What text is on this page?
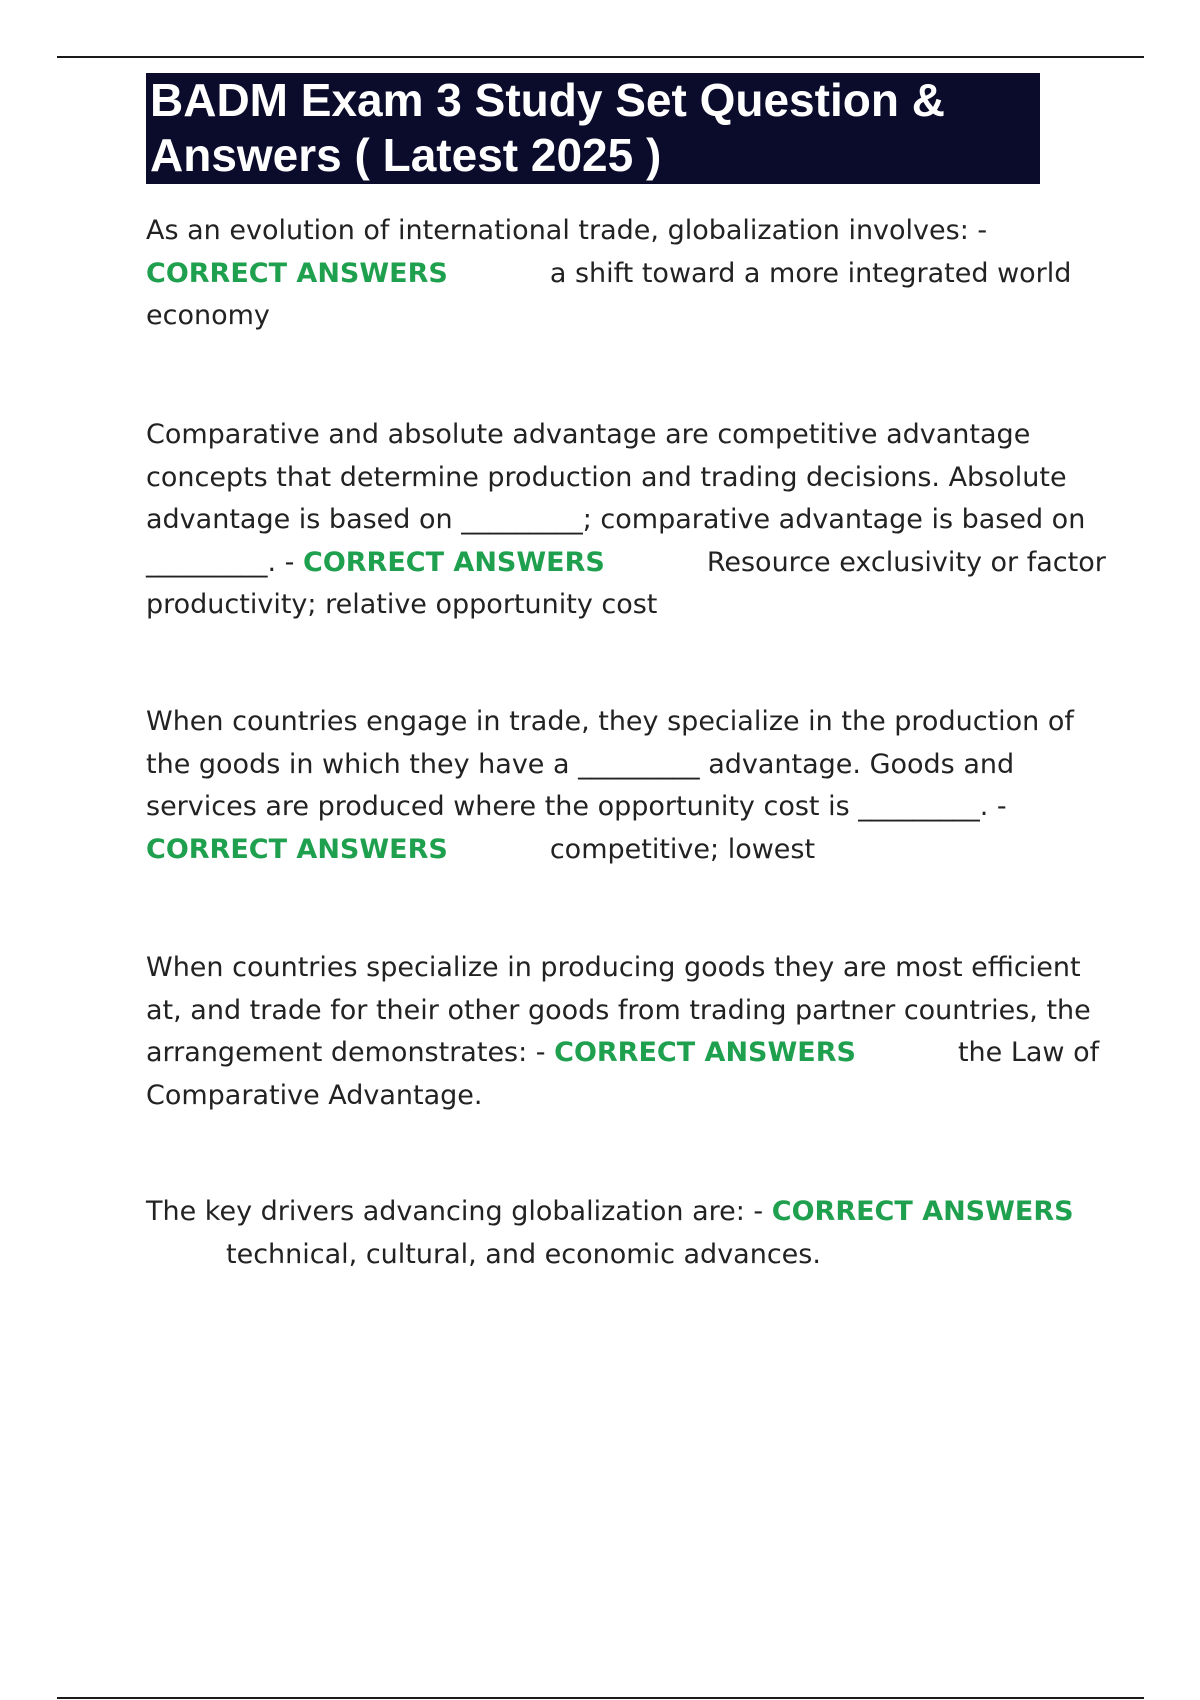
BADM Exam 3 Study Set Question &
Answers ( Latest 2025 )
As an evolution of international trade, globalization involves: -
CORRECT ANSWERS	a shift toward a more integrated world
economy
Comparative and absolute advantage are competitive advantage
concepts that determine production and trading decisions. Absolute
advantage is based on _________; comparative advantage is based on
_________. - CORRECT ANSWERS	Resource exclusivity or factor
productivity; relative opportunity cost
When countries engage in trade, they specialize in the production of
the goods in which they have a _________ advantage. Goods and
services are produced where the opportunity cost is _________. -
CORRECT ANSWERS	competitive; lowest
When countries specialize in producing goods they are most efficient
at, and trade for their other goods from trading partner countries, the
arrangement demonstrates: - CORRECT ANSWERS	the Law of
Comparative Advantage.
The key drivers advancing globalization are: - CORRECT ANSWERS
technical, cultural, and economic advances.
